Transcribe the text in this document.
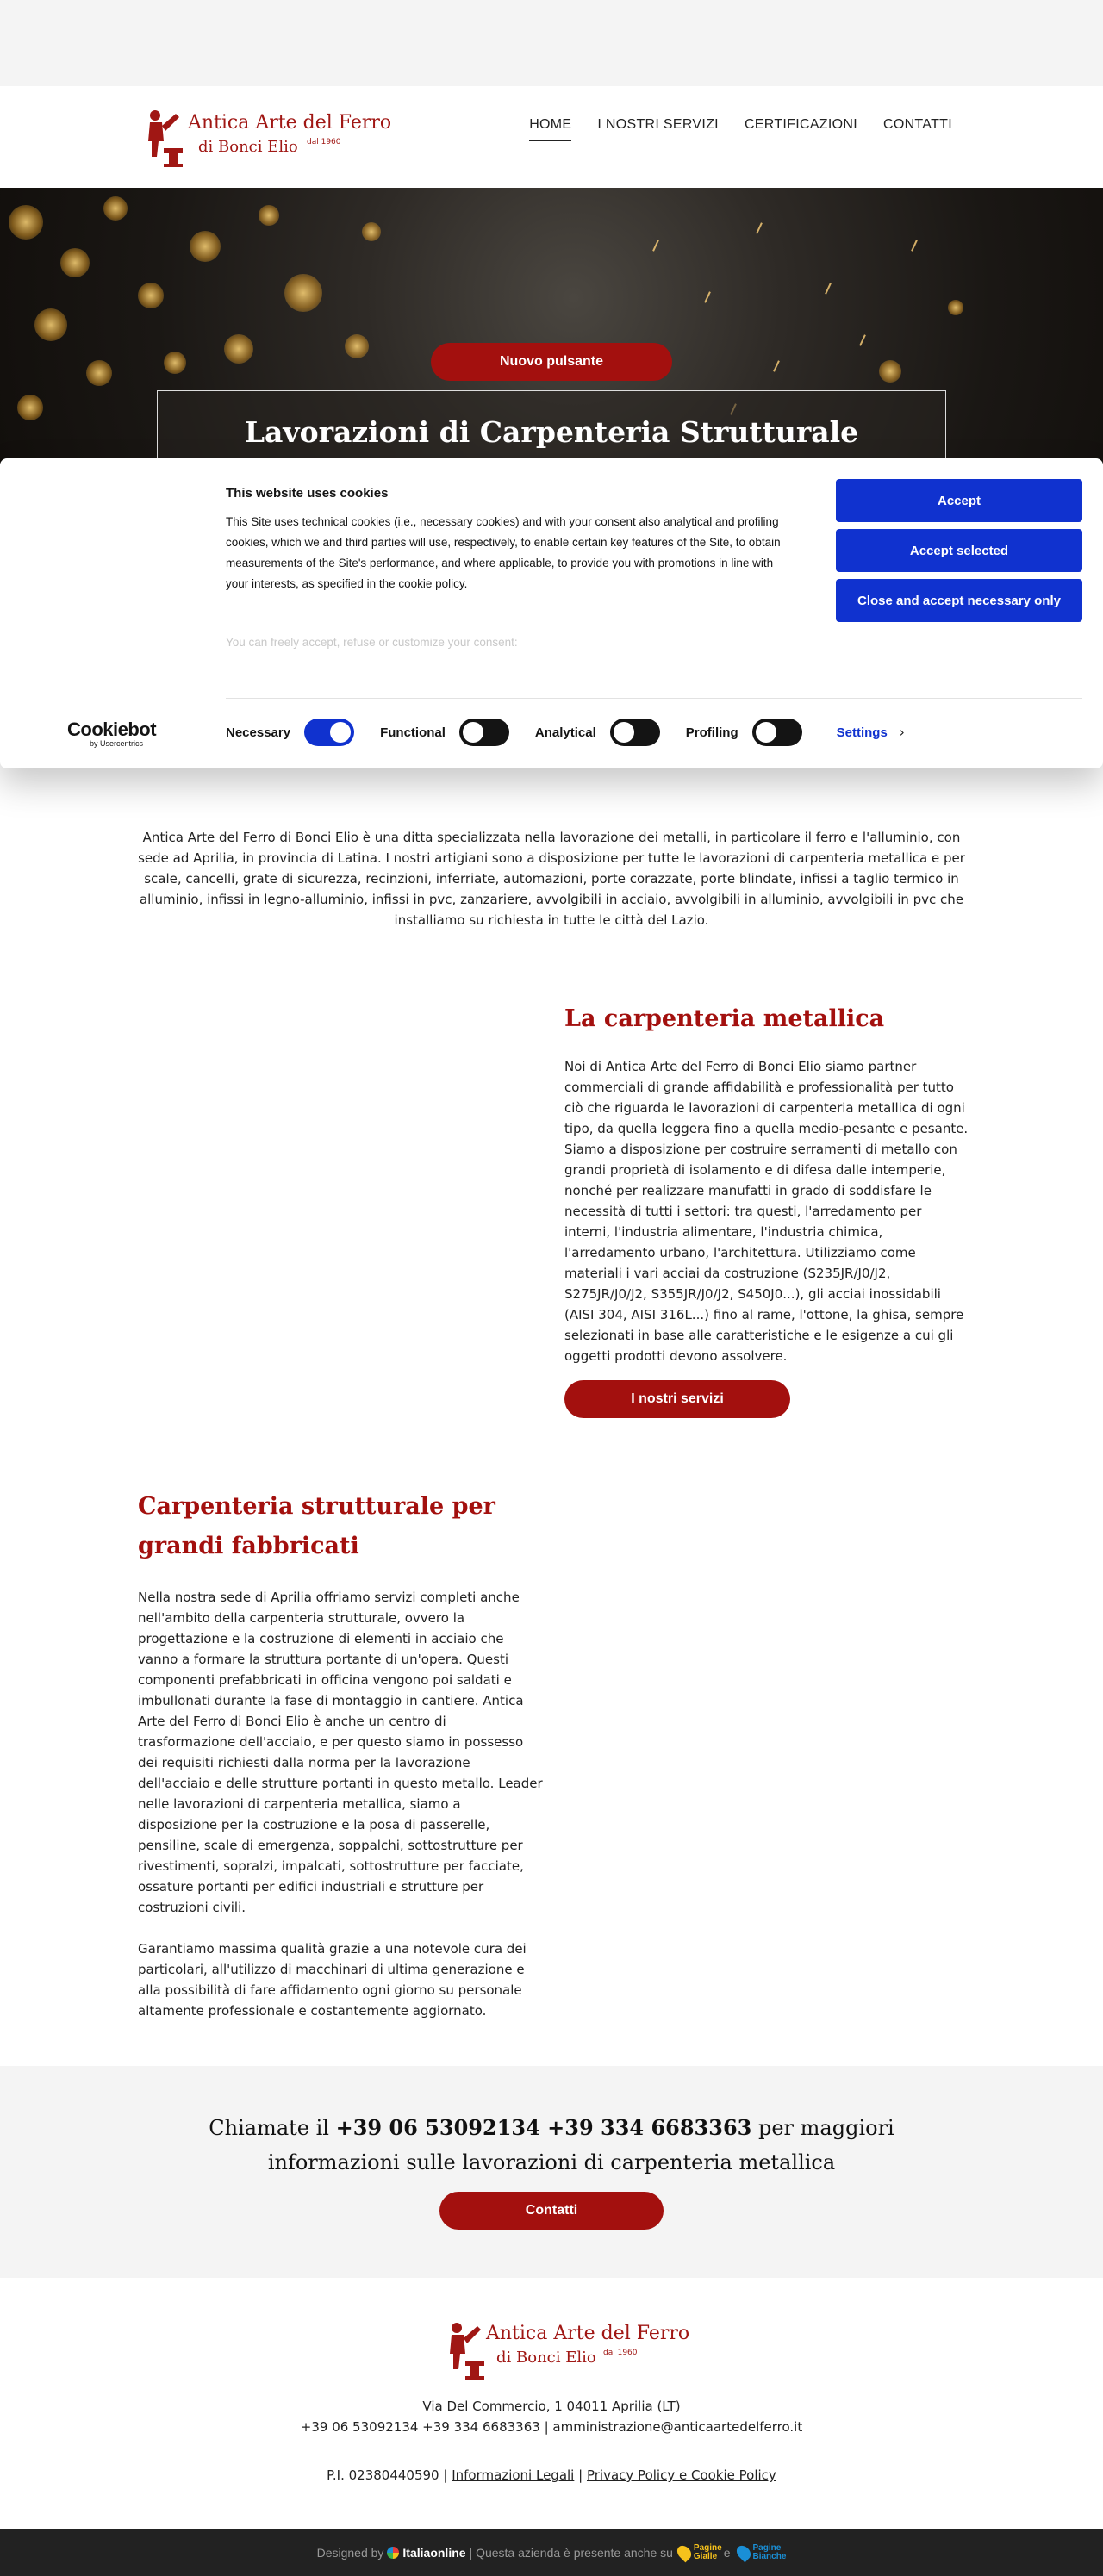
Antica Arte del Ferro
di Bonci Elio dal 1960
HOME I NOSTRI SERVIZI CERTIFICAZIONI CONTATTI
Nuovo pulsante
Lavorazioni di Carpenteria Strutturale
This website uses cookies

This Site uses technical cookies (i.e., necessary cookies) and with your consent also analytical and profiling cookies, which we and third parties will use, respectively, to enable certain key features of the Site, to obtain measurements of the Site's performance, and where applicable, to provide you with promotions in line with your interests, as specified in the cookie policy.

You can freely accept, refuse or customize your consent:
Accept
Accept selected
Close and accept necessary only
Cookiebot
by Usercentrics
Necessary	Functional	Analytical	Profiling	Settings ›

Antica Arte del Ferro di Bonci Elio è una ditta specializzata nella lavorazione dei metalli, in particolare il ferro e l'alluminio, con sede ad Aprilia, in provincia di Latina. I nostri artigiani sono a disposizione per tutte le lavorazioni di carpenteria metallica e per scale, cancelli, grate di sicurezza, recinzioni, inferriate, automazioni, porte corazzate, porte blindate, infissi a taglio termico in alluminio, infissi in legno-alluminio, infissi in pvc, zanzariere, avvolgibili in acciaio, avvolgibili in alluminio, avvolgibili in pvc che installiamo su richiesta in tutte le città del Lazio.

La carpenteria metallica

Noi di Antica Arte del Ferro di Bonci Elio siamo partner commerciali di grande affidabilità e professionalità per tutto ciò che riguarda le lavorazioni di carpenteria metallica di ogni tipo, da quella leggera fino a quella medio-pesante e pesante. Siamo a disposizione per costruire serramenti di metallo con grandi proprietà di isolamento e di difesa dalle intemperie, nonché per realizzare manufatti in grado di soddisfare le necessità di tutti i settori: tra questi, l'arredamento per interni, l'industria alimentare, l'industria chimica, l'arredamento urbano, l'architettura. Utilizziamo come materiali i vari acciai da costruzione (S235JR/J0/J2, S275JR/J0/J2, S355JR/J0/J2, S450J0...), gli acciai inossidabili (AISI 304, AISI 316L...) fino al rame, l'ottone, la ghisa, sempre selezionati in base alle caratteristiche e le esigenze a cui gli oggetti prodotti devono assolvere.

I nostri servizi
Carpenteria strutturale per grandi fabbricati

Nella nostra sede di Aprilia offriamo servizi completi anche nell'ambito della carpenteria strutturale, ovvero la progettazione e la costruzione di elementi in acciaio che vanno a formare la struttura portante di un'opera. Questi componenti prefabbricati in officina vengono poi saldati e imbullonati durante la fase di montaggio in cantiere. Antica Arte del Ferro di Bonci Elio è anche un centro di trasformazione dell'acciaio, e per questo siamo in possesso dei requisiti richiesti dalla norma per la lavorazione dell'acciaio e delle strutture portanti in questo metallo. Leader nelle lavorazioni di carpenteria metallica, siamo a disposizione per la costruzione e la posa di passerelle, pensiline, scale di emergenza, soppalchi, sottostrutture per rivestimenti, sopralzi, impalcati, sottostrutture per facciate, ossature portanti per edifici industriali e strutture per costruzioni civili.

Garantiamo massima qualità grazie a una notevole cura dei particolari, all'utilizzo di macchinari di ultima generazione e alla possibilità di fare affidamento ogni giorno su personale altamente professionale e costantemente aggiornato.

Chiamate il +39 06 53092134 +39 334 6683363 per maggiori informazioni sulle lavorazioni di carpenteria metallica

Contatti
Antica Arte del Ferro
di Bonci Elio dal 1960
Via Del Commercio, 1 04011 Aprilia (LT)
+39 06 53092134 +39 334 6683363 | amministrazione@anticaartedelferro.it
P.I. 02380440590 | Informazioni Legali | Privacy Policy e Cookie Policy
Designed by Italiaonline | Questa azienda è presente anche su Pagine
Gialle e	Pagine
Bianche
